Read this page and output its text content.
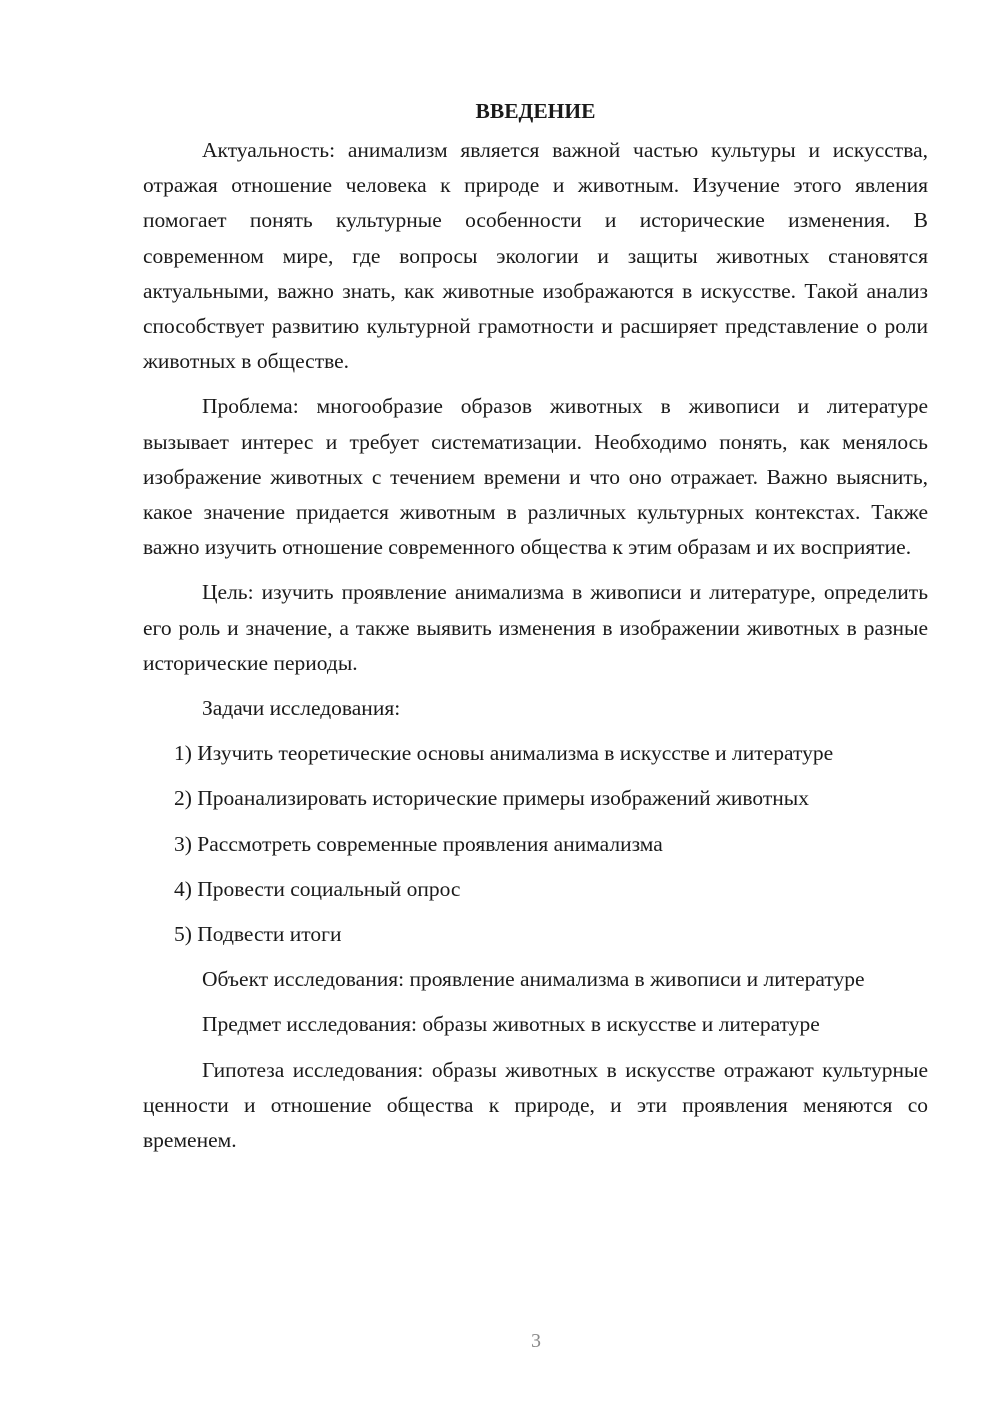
ВВЕДЕНИЕ

Актуальность: анимализм является важной частью культуры и искусства, отражая отношение человека к природе и животным. Изучение этого явления помогает понять культурные особенности и исторические изменения. В современном мире, где вопросы экологии и защиты животных становятся актуальными, важно знать, как животные изображаются в искусстве. Такой анализ способствует развитию культурной грамотности и расширяет представление о роли животных в обществе.

Проблема: многообразие образов животных в живописи и литературе вызывает интерес и требует систематизации. Необходимо понять, как менялось изображение животных с течением времени и что оно отражает. Важно выяснить, какое значение придается животным в различных культурных контекстах. Также важно изучить отношение современного общества к этим образам и их восприятие.

Цель: изучить проявление анимализма в живописи и литературе, определить его роль и значение, а также выявить изменения в изображении животных в разные исторические периоды.

Задачи исследования:

1) Изучить теоретические основы анимализма в искусстве и литературе
2) Проанализировать исторические примеры изображений животных
3) Рассмотреть современные проявления анимализма
4) Провести социальный опрос
5) Подвести итоги

Объект исследования: проявление анимализма в живописи и литературе

Предмет исследования: образы животных в искусстве и литературе

Гипотеза исследования: образы животных в искусстве отражают культурные ценности и отношение общества к природе, и эти проявления меняются со временем.

3
